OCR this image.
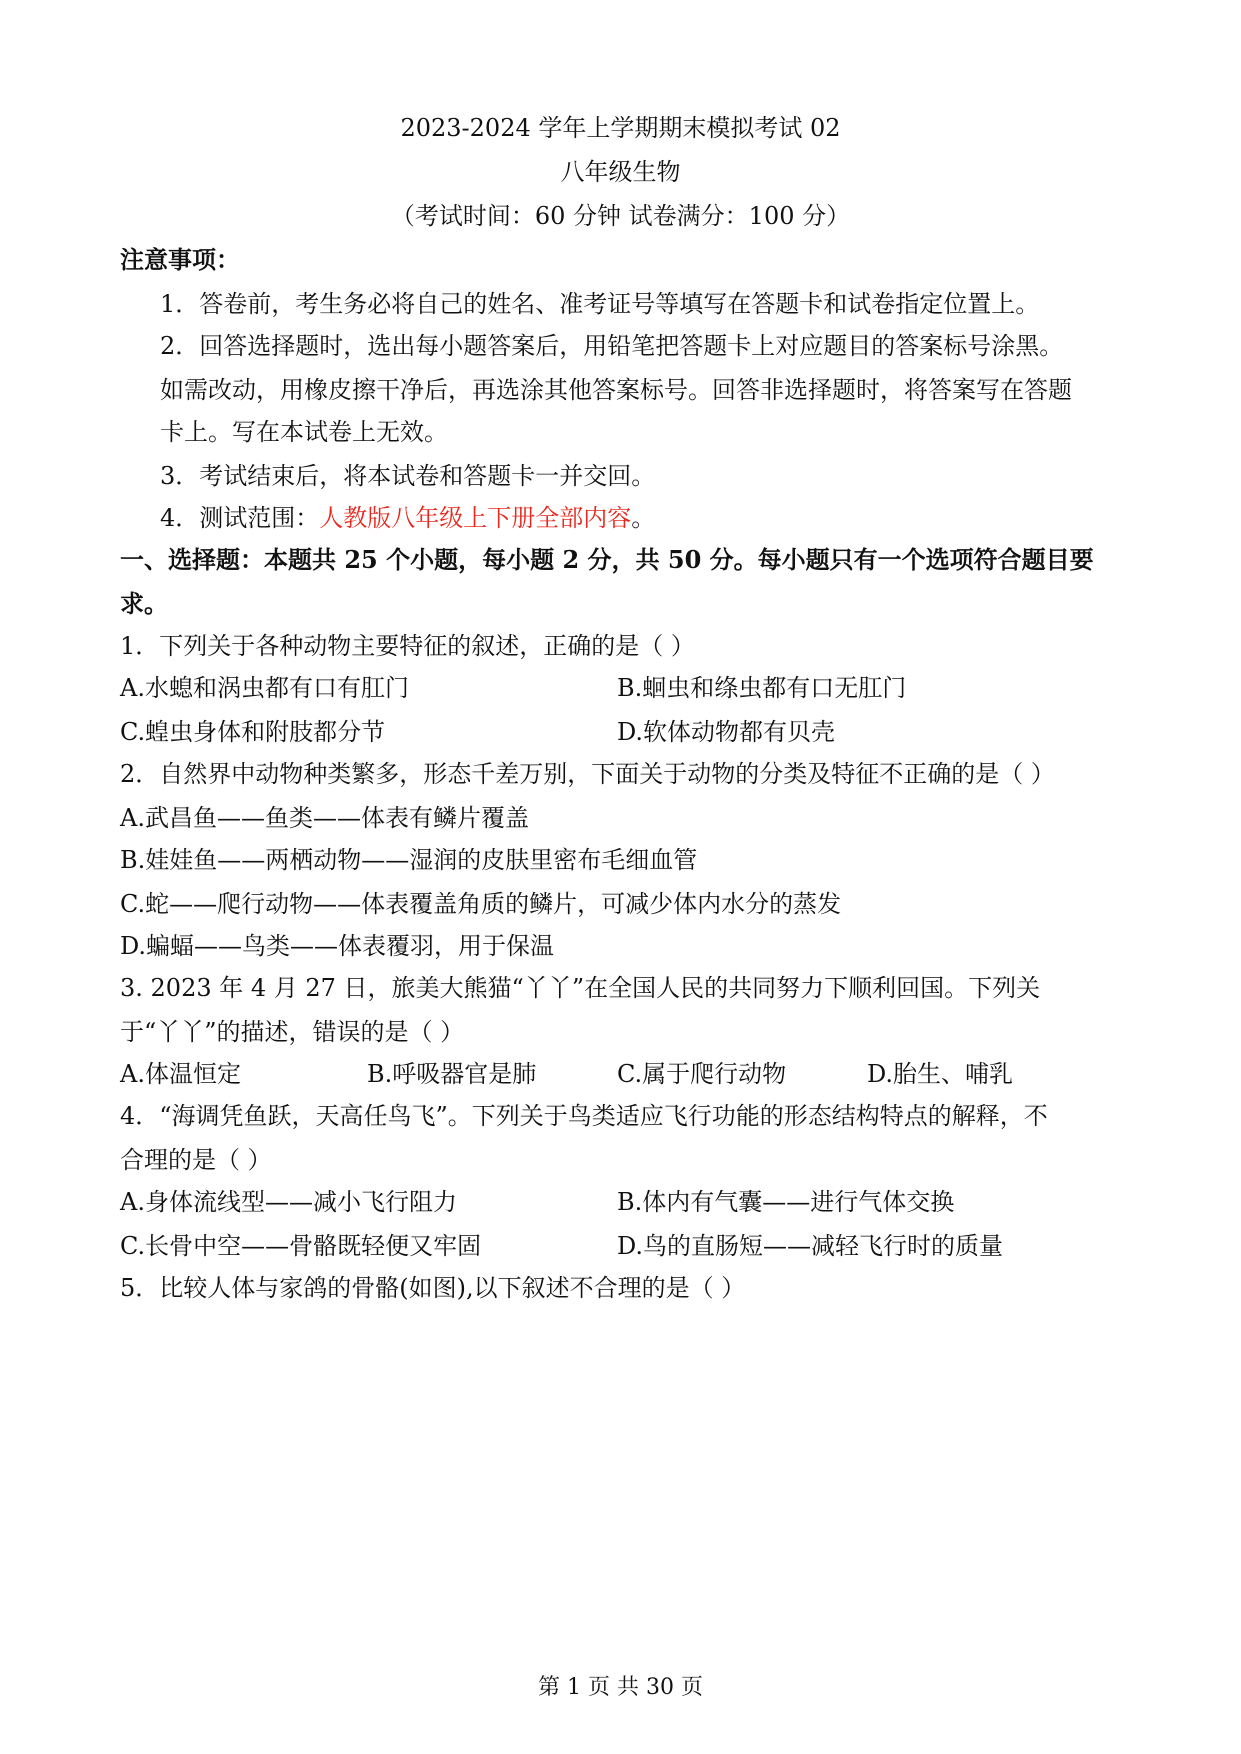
2023-2024 学年上学期期末模拟考试 02
八年级生物
（考试时间：60 分钟 试卷满分：100 分）
注意事项：
1．答卷前，考生务必将自己的姓名、准考证号等填写在答题卡和试卷指定位置上。
2．回答选择题时，选出每小题答案后，用铅笔把答题卡上对应题目的答案标号涂黑。
如需改动，用橡皮擦干净后，再选涂其他答案标号。回答非选择题时，将答案写在答题
卡上。写在本试卷上无效。
3．考试结束后，将本试卷和答题卡一并交回。
4．测试范围：人教版八年级上下册全部内容。
一、选择题：本题共 25 个小题，每小题 2 分，共 50 分。每小题只有一个选项符合题目要
求。
1．下列关于各种动物主要特征的叙述，正确的是（ ）
A.水螅和涡虫都有口有肛门	B.蛔虫和绦虫都有口无肛门
C.蝗虫身体和附肢都分节	D.软体动物都有贝壳
2．自然界中动物种类繁多，形态千差万别，下面关于动物的分类及特征不正确的是（ ）
A.武昌鱼——鱼类——体表有鳞片覆盖
B.娃娃鱼——两栖动物——湿润的皮肤里密布毛细血管
C.蛇——爬行动物——体表覆盖角质的鳞片，可减少体内水分的蒸发
D.蝙蝠——鸟类——体表覆羽，用于保温
3. 2023 年 4 月 27 日，旅美大熊猫“丫丫”在全国人民的共同努力下顺利回国。下列关
于“丫丫”的描述，错误的是（ ）
A.体温恒定	B.呼吸器官是肺	C.属于爬行动物	D.胎生、哺乳
4．“海调凭鱼跃，天高任鸟飞”。下列关于鸟类适应飞行功能的形态结构特点的解释，不
合理的是（ ）
A.身体流线型——减小飞行阻力	B.体内有气囊——进行气体交换
C.长骨中空——骨骼既轻便又牢固	D.鸟的直肠短——减轻飞行时的质量
5．比较人体与家鸽的骨骼(如图),以下叙述不合理的是（ ）
第 1 页 共 30 页
